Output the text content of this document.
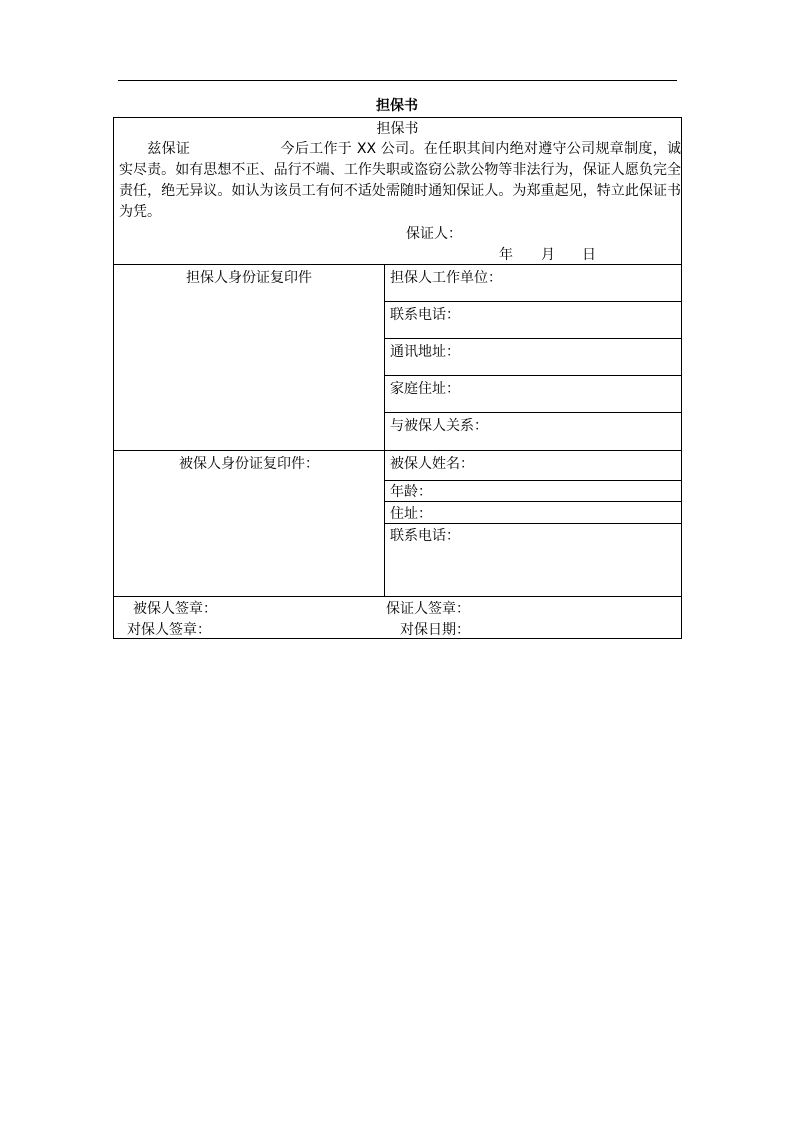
担保书
担保书
兹保证	今后工作于 XX 公司。在任职其间内绝对遵守公司规章制度，诚实尽责。如有思想不正、品行不端、工作失职或盗窃公款公物等非法行为，保证人愿负完全责任，绝无异议。如认为该员工有何不适处需随时通知保证人。为郑重起见，特立此保证书为凭。
保证人：
年 月 日
担保人身份证复印件	担保人工作单位：
联系电话：
通讯地址：
家庭住址：
与被保人关系：
被保人身份证复印件：	被保人姓名：
年龄：
住址：
联系电话：
被保人签章：	保证人签章：
对保人签章：	对保日期：
